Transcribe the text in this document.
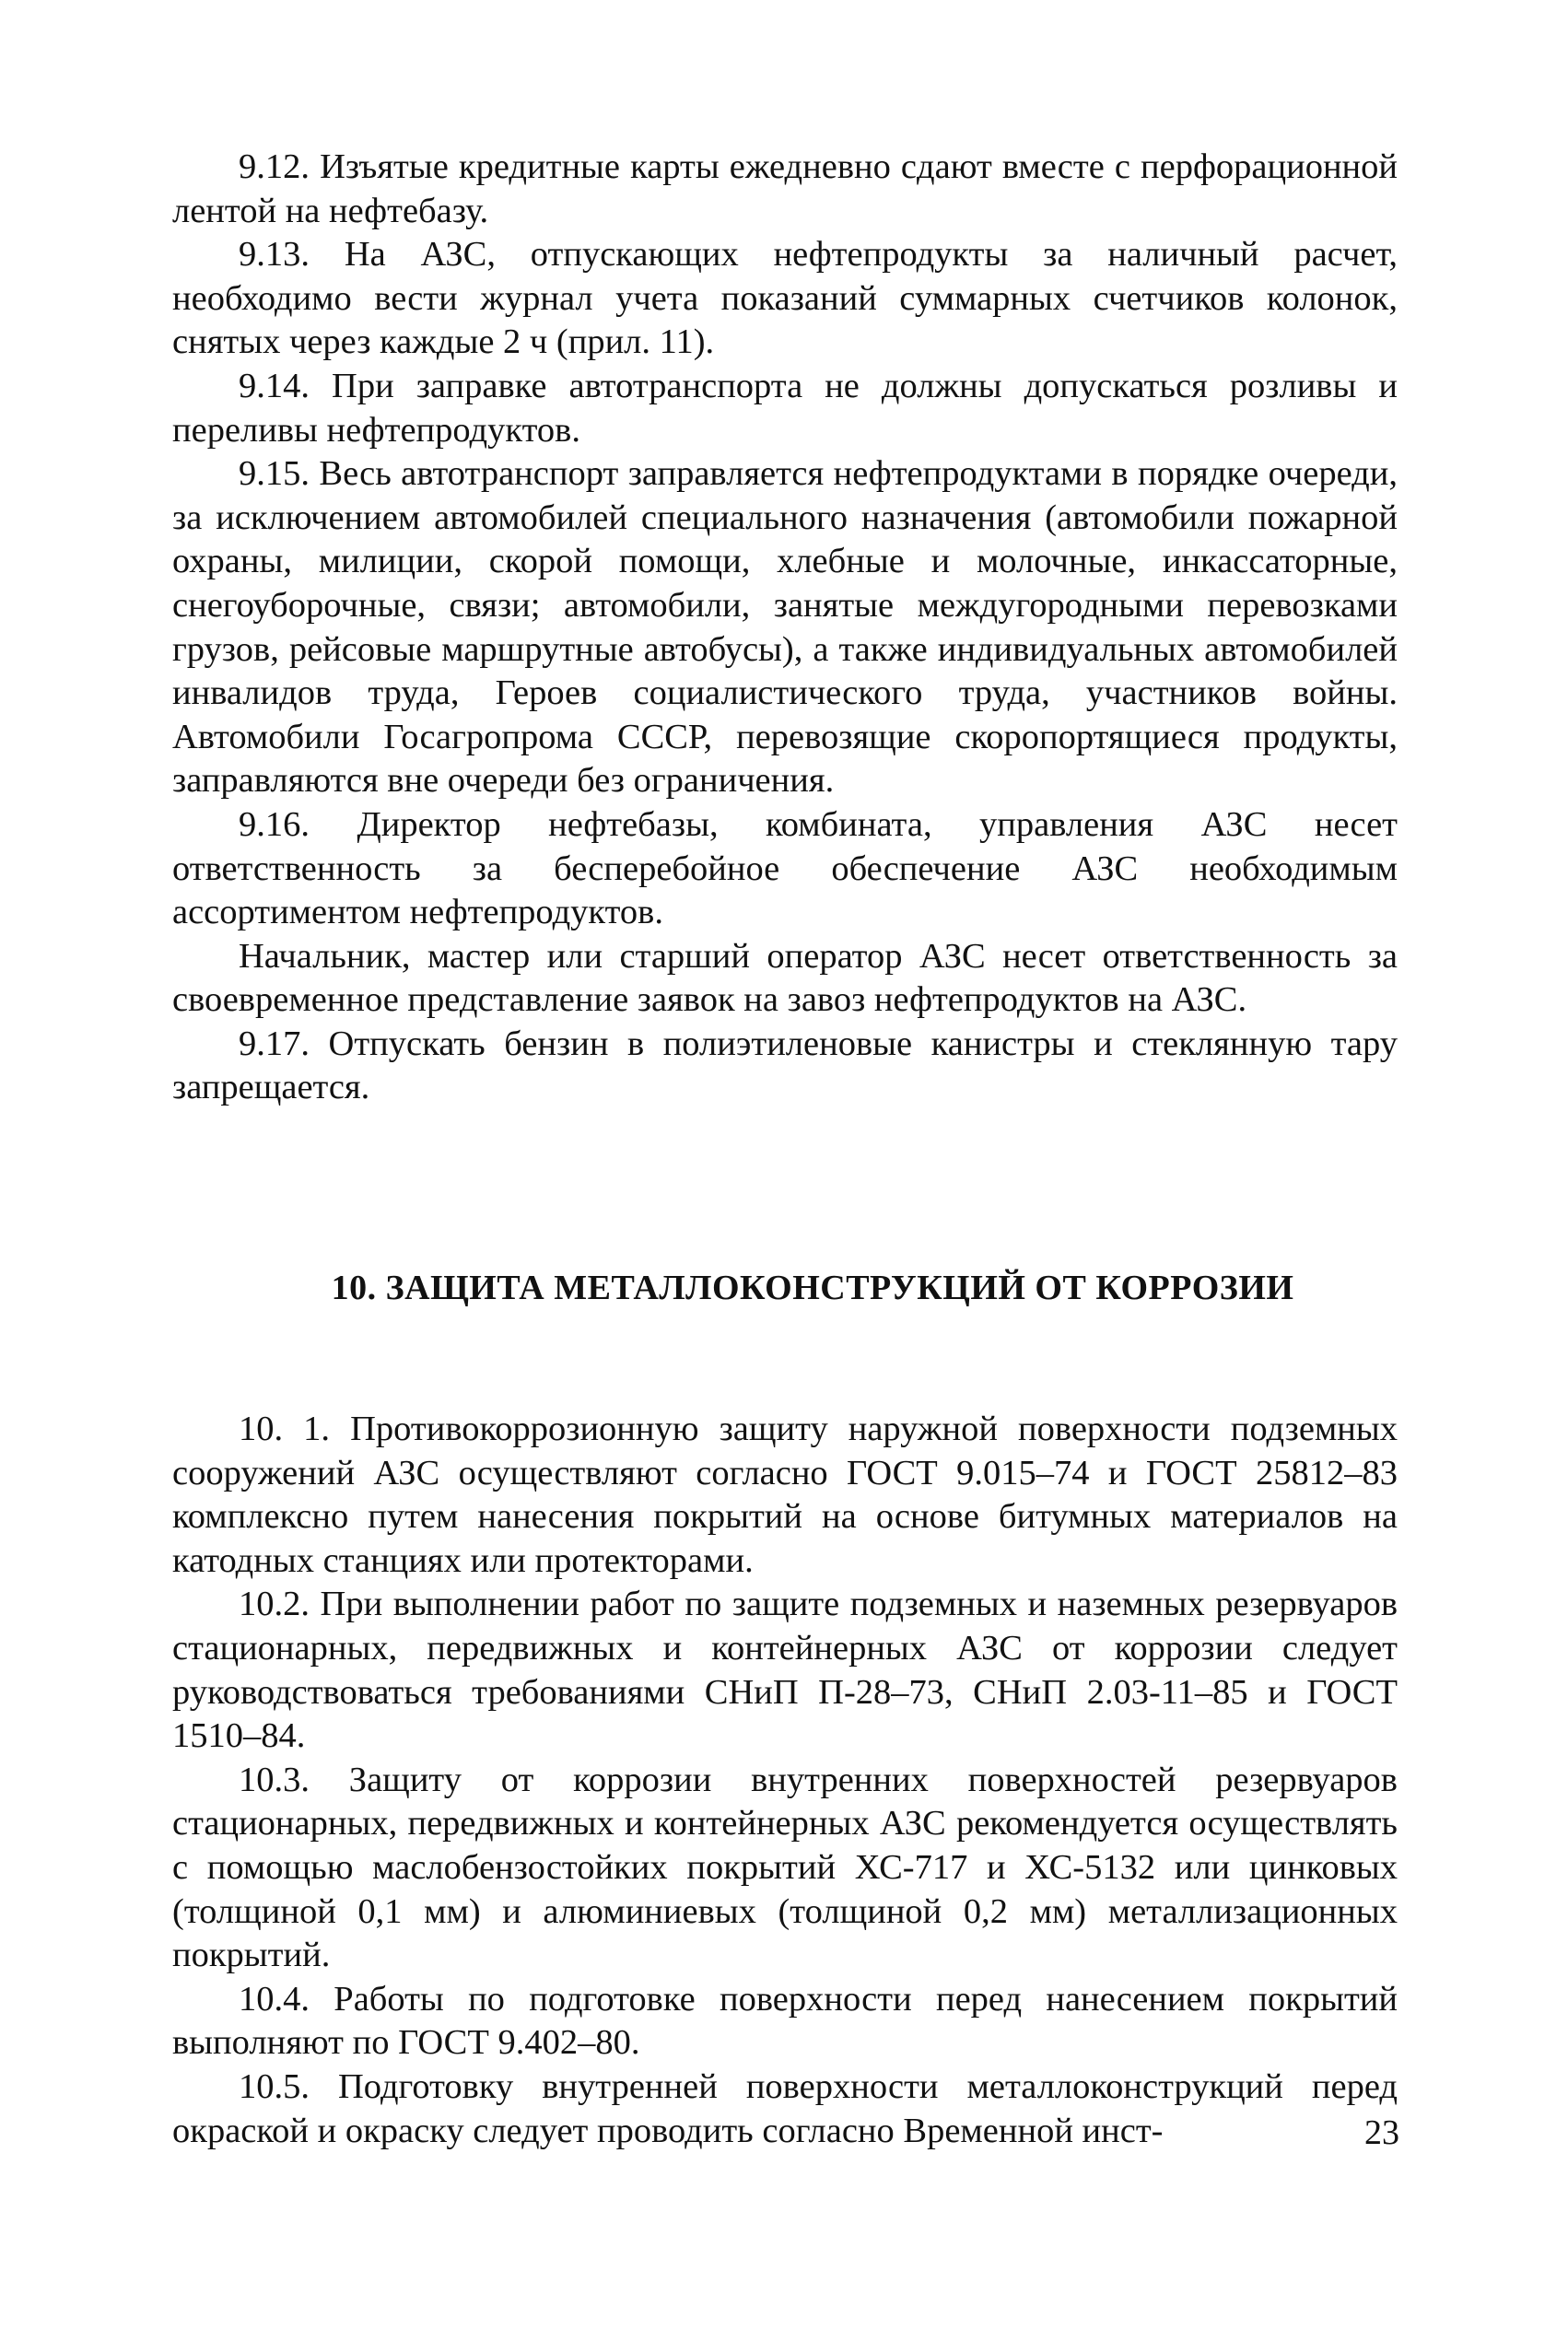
9.12. Изъятые кредитные карты ежедневно сдают вместе с перфорационной лентой на нефтебазу.

9.13. На АЗС, отпускающих нефтепродукты за наличный расчет, необходимо вести журнал учета показаний суммарных счетчиков колонок, снятых через каждые 2 ч (прил. 11).

9.14. При заправке автотранспорта не должны допускаться розливы и переливы нефтепродуктов.

9.15. Весь автотранспорт заправляется нефтепродуктами в порядке очереди, за исключением автомобилей специального назначения (автомобили пожарной охраны, милиции, скорой помощи, хлебные и молочные, инкассаторные, снегоуборочные, связи; автомобили, занятые междугородными перевозками грузов, рейсовые маршрутные автобусы), а также индивидуальных автомобилей инвалидов труда, Героев социалистического труда, участников войны. Автомобили Госагропрома СССР, перевозящие скоропортящиеся продукты, заправляются вне очереди без ограничения.

9.16. Директор нефтебазы, комбината, управления АЗС несет ответственность за бесперебойное обеспечение АЗС необходимым ассортиментом нефтепродуктов.

Начальник, мастер или старший оператор АЗС несет ответственность за своевременное представление заявок на завоз нефтепродуктов на АЗС.

9.17. Отпускать бензин в полиэтиленовые канистры и стеклянную тару запрещается.

10. ЗАЩИТА МЕТАЛЛОКОНСТРУКЦИЙ ОТ КОРРОЗИИ

10. 1. Противокоррозионную защиту наружной поверхности подземных сооружений АЗС осуществляют согласно ГОСТ 9.015–74 и ГОСТ 25812–83 комплексно путем нанесения покрытий на основе битумных материалов на катодных станциях или протекторами.

10.2. При выполнении работ по защите подземных и наземных резервуаров стационарных, передвижных и контейнерных АЗС от коррозии следует руководствоваться требованиями СНиП П-28–73, СНиП 2.03-11–85 и ГОСТ 1510–84.

10.3. Защиту от коррозии внутренних поверхностей резервуаров стационарных, передвижных и контейнерных АЗС рекомендуется осуществлять с помощью маслобензостойких покрытий ХС-717 и ХС-5132 или цинковых (толщиной 0,1 мм) и алюминиевых (толщиной 0,2 мм) металлизационных покрытий.

10.4. Работы по подготовке поверхности перед нанесением покрытий выполняют по ГОСТ 9.402–80.

10.5. Подготовку внутренней поверхности металлоконструкций перед окраской и окраску следует проводить согласно Временной инст-	23
